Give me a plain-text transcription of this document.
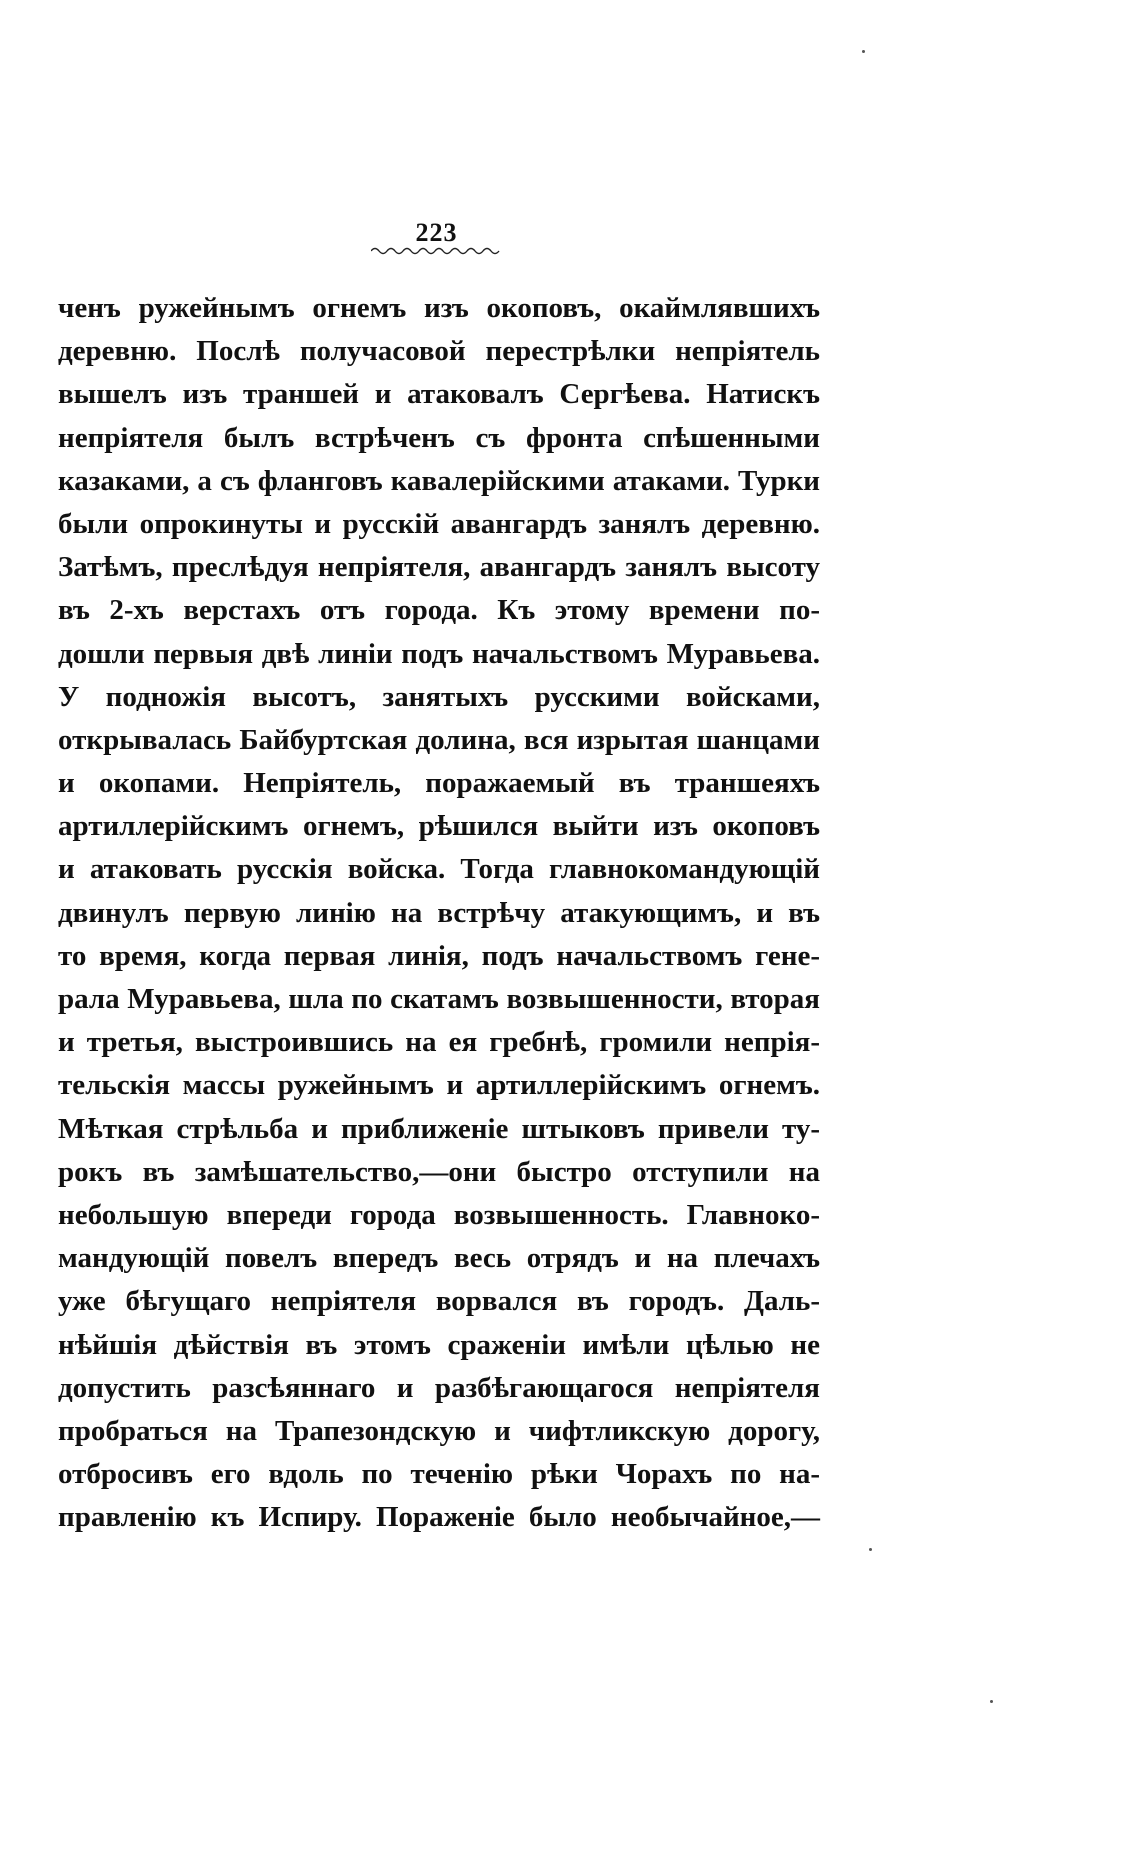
223
ченъ ружейнымъ огнемъ изъ окоповъ, окаймлявшихъ
деревню. Послѣ получасовой перестрѣлки непріятель
вышелъ изъ траншей и атаковалъ Сергѣева. Натискъ
непріятеля былъ встрѣченъ съ фронта спѣшенными
казаками, а съ фланговъ кавалерійскими атаками. Турки
были опрокинуты и русскій авангардъ занялъ деревню.
Затѣмъ, преслѣдуя непріятеля, авангардъ занялъ высоту
въ 2-хъ верстахъ отъ города. Къ этому времени по-
дошли первыя двѣ линіи подъ начальствомъ Муравьева.
У подножія высотъ, занятыхъ русскими войсками,
открывалась Байбуртская долина, вся изрытая шанцами
и окопами. Непріятель, поражаемый въ траншеяхъ
артиллерійскимъ огнемъ, рѣшился выйти изъ окоповъ
и атаковать русскія войска. Тогда главнокомандующій
двинулъ первую линію на встрѣчу атакующимъ, и въ
то время, когда первая линія, подъ начальствомъ гене-
рала Муравьева, шла по скатамъ возвышенности, вторая
и третья, выстроившись на ея гребнѣ, громили непрія-
тельскія массы ружейнымъ и артиллерійскимъ огнемъ.
Мѣткая стрѣльба и приближеніе штыковъ привели ту-
рокъ въ замѣшательство,—они быстро отступили на
небольшую впереди города возвышенность. Главноко-
мандующій повелъ впередъ весь отрядъ и на плечахъ
уже бѣгущаго непріятеля ворвался въ городъ. Даль-
нѣйшія дѣйствія въ этомъ сраженіи имѣли цѣлью не
допустить разсѣяннаго и разбѣгающагося непріятеля
пробраться на Трапезондскую и чифтликскую дорогу,
отбросивъ его вдоль по теченію рѣки Чорахъ по на-
правленію къ Испиру. Пораженіе было необычайное,—
